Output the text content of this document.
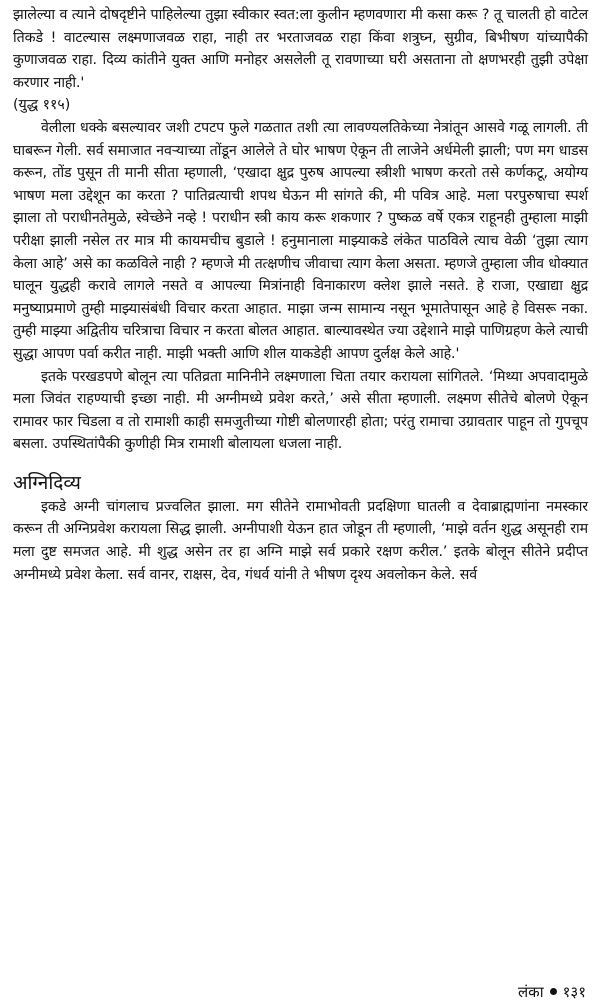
झालेल्या व त्याने दोषदृष्टीने पाहिलेल्या तुझा स्वीकार स्वत:ला कुलीन म्हणवणारा मी कसा करू ? तू चालती हो वाटेल तिकडे ! वाटल्यास लक्ष्मणाजवळ राहा, नाही तर भरताजवळ राहा किंवा शत्रुघ्न, सुग्रीव, बिभीषण यांच्यापैकी कुणाजवळ राहा. दिव्य कांतीने युक्त आणि मनोहर असलेली तू रावणाच्या घरी असताना तो क्षणभरही तुझी उपेक्षा करणार नाही.'

(युद्ध ११५)

वेलीला धक्के बसल्यावर जशी टपटप फुले गळतात तशी त्या लावण्यलतिकेच्या नेत्रांतून आसवे गळू लागली. ती घाबरून गेली. सर्व समाजात नवऱ्याच्या तोंडून आलेले ते घोर भाषण ऐकून ती लाजेने अर्धमेली झाली; पण मग धाडस करून, तोंड पुसून ती मानी सीता म्हणाली, ‘एखादा क्षुद्र पुरुष आपल्या स्त्रीशी भाषण करतो तसे कर्णकटू, अयोग्य भाषण मला उद्देशून का करता ? पातिव्रत्याची शपथ घेऊन मी सांगते की, मी पवित्र आहे. मला परपुरुषाचा स्पर्श झाला तो पराधीनतेमुळे, स्वेच्छेने नव्हे ! पराधीन स्त्री काय करू शकणार ? पुष्कळ वर्षे एकत्र राहूनही तुम्हाला माझी परीक्षा झाली नसेल तर मात्र मी कायमचीच बुडाले ! हनुमानाला माझ्याकडे लंकेत पाठविले त्याच वेळी ‘तुझा त्याग केला आहे’ असे का कळविले नाही ? म्हणजे मी तत्क्षणीच जीवाचा त्याग केला असता. म्हणजे तुम्हाला जीव धोक्यात घालून युद्धही करावे लागले नसते व आपल्या मित्रांनाही विनाकारण क्लेश झाले नसते. हे राजा, एखाद्या क्षुद्र मनुष्याप्रमाणे तुम्ही माझ्यासंबंधी विचार करता आहात. माझा जन्म सामान्य नसून भूमातेपासून आहे हे विसरू नका. तुम्ही माझ्या अद्वितीय चरित्राचा विचार न करता बोलत आहात. बाल्यावस्थेत ज्या उद्देशाने माझे पाणिग्रहण केले त्याची सुद्धा आपण पर्वा करीत नाही. माझी भक्ती आणि शील याकडेही आपण दुर्लक्ष केले आहे.'

इतके परखडपणे बोलून त्या पतिव्रता मानिनीने लक्ष्मणाला चिता तयार करायला सांगितले. ‘मिथ्या अपवादामुळे मला जिवंत राहण्याची इच्छा नाही. मी अग्नीमध्ये प्रवेश करते,’ असे सीता म्हणाली. लक्ष्मण सीतेचे बोलणे ऐकून रामावर फार चिडला व तो रामाशी काही समजुतीच्या गोष्टी बोलणारही होता; परंतु रामाचा उग्रावतार पाहून तो गुपचूप बसला. उपस्थितांपैकी कुणीही मित्र रामाशी बोलायला धजला नाही.

अग्निदिव्य

इकडे अग्नी चांगलाच प्रज्वलित झाला. मग सीतेने रामाभोवती प्रदक्षिणा घातली व देवाब्राह्मणांना नमस्कार करून ती अग्निप्रवेश करायला सिद्ध झाली. अग्नीपाशी येऊन हात जोडून ती म्हणाली, ‘माझे वर्तन शुद्ध असूनही राम मला दुष्ट समजत आहे. मी शुद्ध असेन तर हा अग्नि माझे सर्व प्रकारे रक्षण करील.’ इतके बोलून सीतेने प्रदीप्त अग्नीमध्ये प्रवेश केला. सर्व वानर, राक्षस, देव, गंधर्व यांनी ते भीषण दृश्य अवलोकन केले. सर्व

लंका १३१
